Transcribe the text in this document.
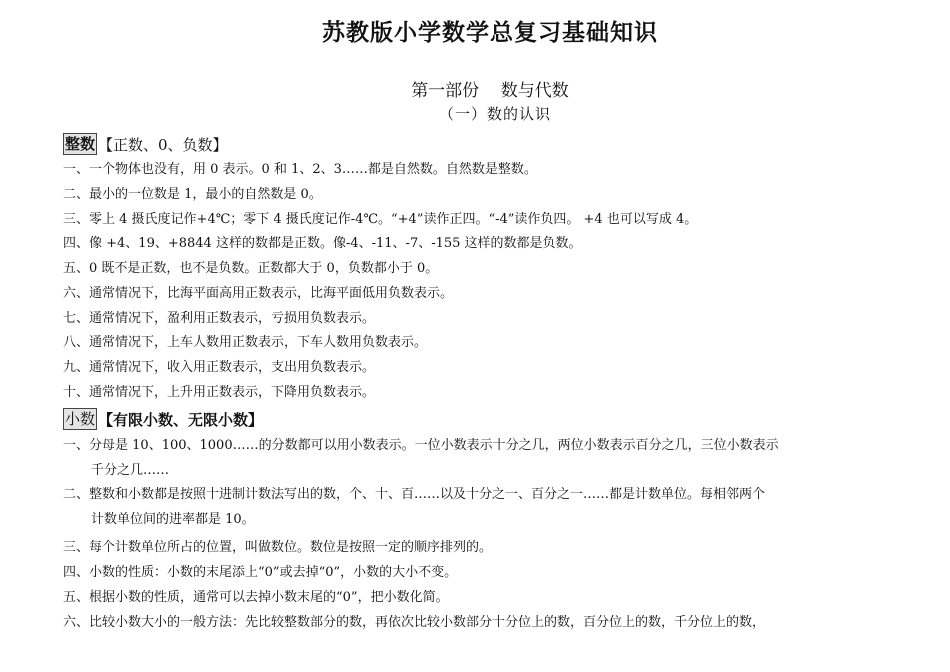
苏教版小学数学总复习基础知识
第一部份    数与代数
（一）数的认识
整数 【正数、0、负数】
一、一个物体也没有，用 0 表示。0 和 1、2、3……都是自然数。自然数是整数。
二、最小的一位数是 1，最小的自然数是 0。
三、零上 4 摄氏度记作+4℃；零下 4 摄氏度记作-4℃。“+4”读作正四。“-4”读作负四。 +4 也可以写成 4。
四、像 +4、19、+8844 这样的数都是正数。像-4、-11、-7、-155 这样的数都是负数。
五、0 既不是正数，也不是负数。正数都大于 0，负数都小于 0。
六、通常情况下，比海平面高用正数表示，比海平面低用负数表示。
七、通常情况下，盈利用正数表示，亏损用负数表示。
八、通常情况下，上车人数用正数表示，下车人数用负数表示。
九、通常情况下，收入用正数表示，支出用负数表示。
十、通常情况下，上升用正数表示，下降用负数表示。
小数 【有限小数、无限小数】
一、分母是 10、100、1000……的分数都可以用小数表示。一位小数表示十分之几，两位小数表示百分之几，三位小数表示
千分之几……
二、整数和小数都是按照十进制计数法写出的数，个、十、百……以及十分之一、百分之一……都是计数单位。每相邻两个
计数单位间的进率都是 10。
三、每个计数单位所占的位置，叫做数位。数位是按照一定的顺序排列的。
四、小数的性质：小数的末尾添上“0”或去掉“0”，小数的大小不变。
五、根据小数的性质，通常可以去掉小数末尾的“0”，把小数化简。
六、比较小数大小的一般方法：先比较整数部分的数，再依次比较小数部分十分位上的数，百分位上的数，千分位上的数，
